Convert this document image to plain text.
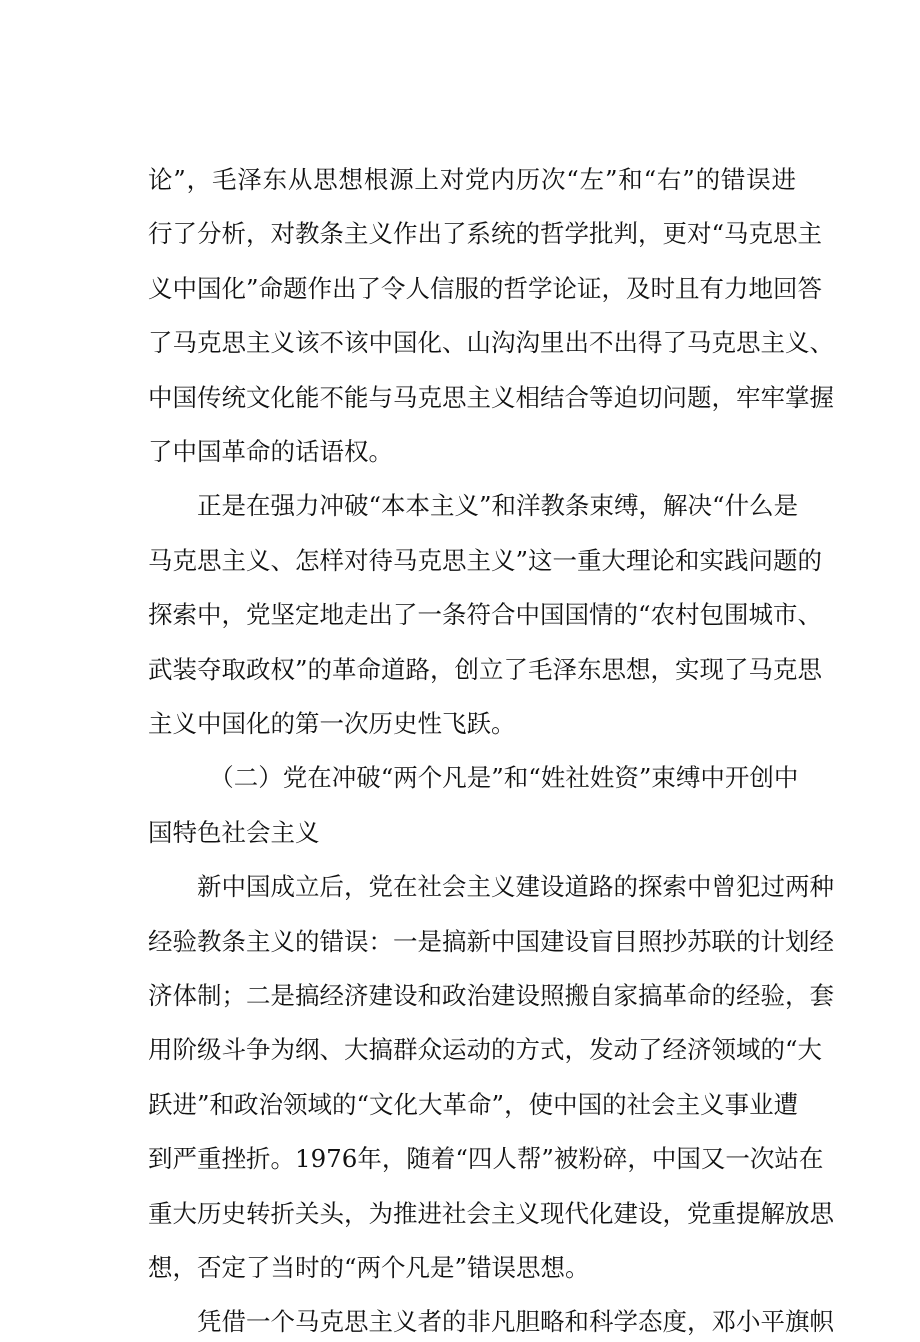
论”，毛泽东从思想根源上对党内历次“左”和“右”的错误进
行了分析，对教条主义作出了系统的哲学批判，更对“马克思主
义中国化”命题作出了令人信服的哲学论证，及时且有力地回答
了马克思主义该不该中国化、山沟沟里出不出得了马克思主义、
中国传统文化能不能与马克思主义相结合等迫切问题，牢牢掌握
了中国革命的话语权。
　　正是在强力冲破“本本主义”和洋教条束缚，解决“什么是
马克思主义、怎样对待马克思主义”这一重大理论和实践问题的
探索中，党坚定地走出了一条符合中国国情的“农村包围城市、
武装夺取政权”的革命道路，创立了毛泽东思想，实现了马克思
主义中国化的第一次历史性飞跃。
　　　（二）党在冲破“两个凡是”和“姓社姓资”束缚中开创中
国特色社会主义
　　新中国成立后，党在社会主义建设道路的探索中曾犯过两种
经验教条主义的错误：一是搞新中国建设盲目照抄苏联的计划经
济体制；二是搞经济建设和政治建设照搬自家搞革命的经验，套
用阶级斗争为纲、大搞群众运动的方式，发动了经济领域的“大
跃进”和政治领域的“文化大革命”，使中国的社会主义事业遭
到严重挫折。1976年，随着“四人帮”被粉碎，中国又一次站在
重大历史转折关头，为推进社会主义现代化建设，党重提解放思
想，否定了当时的“两个凡是”错误思想。
　　凭借一个马克思主义者的非凡胆略和科学态度，邓小平旗帜
